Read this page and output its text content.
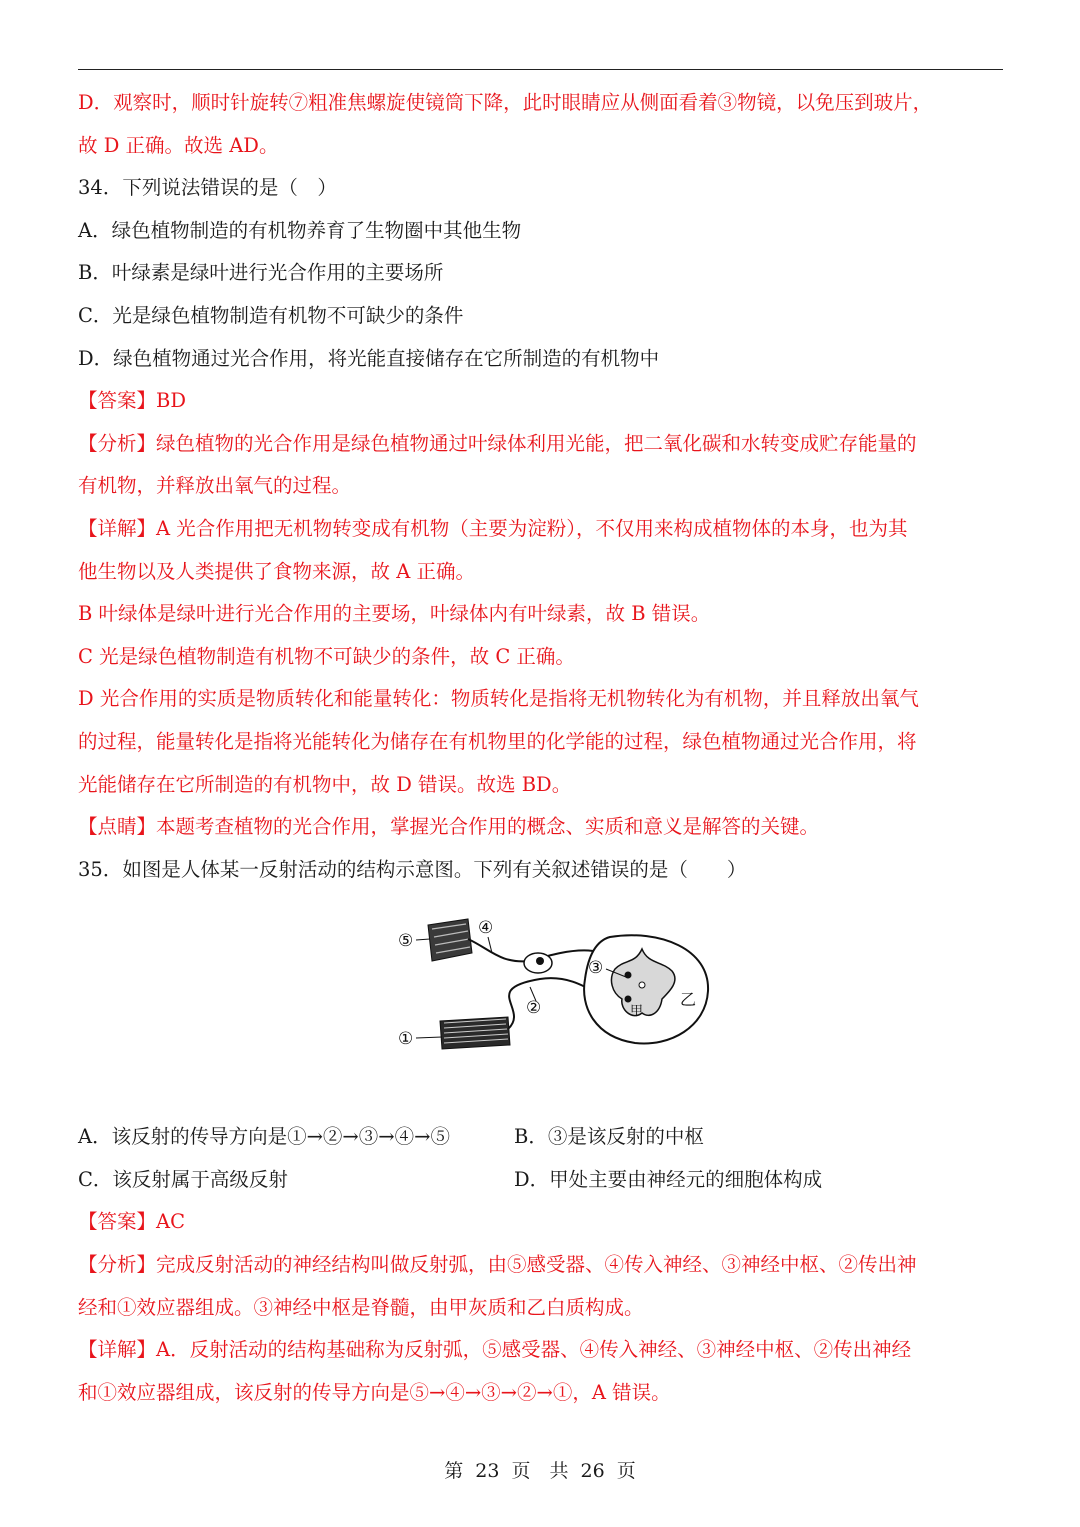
D．观察时，顺时针旋转⑦粗准焦螺旋使镜筒下降，此时眼睛应从侧面看着③物镜，以免压到玻片，
故 D 正确。故选 AD。
34．下列说法错误的是（　）
A．绿色植物制造的有机物养育了生物圈中其他生物
B．叶绿素是绿叶进行光合作用的主要场所
C．光是绿色植物制造有机物不可缺少的条件
D．绿色植物通过光合作用，将光能直接储存在它所制造的有机物中
【答案】BD
【分析】绿色植物的光合作用是绿色植物通过叶绿体利用光能，把二氧化碳和水转变成贮存能量的
有机物，并释放出氧气的过程。
【详解】A 光合作用把无机物转变成有机物（主要为淀粉），不仅用来构成植物体的本身，也为其
他生物以及人类提供了食物来源，故 A 正确。
B 叶绿体是绿叶进行光合作用的主要场，叶绿体内有叶绿素，故 B 错误。
C 光是绿色植物制造有机物不可缺少的条件，故 C 正确。
D 光合作用的实质是物质转化和能量转化：物质转化是指将无机物转化为有机物，并且释放出氧气
的过程，能量转化是指将光能转化为储存在有机物里的化学能的过程，绿色植物通过光合作用，将
光能储存在它所制造的有机物中，故 D 错误。故选 BD。
【点睛】本题考查植物的光合作用，掌握光合作用的概念、实质和意义是解答的关键。
35．如图是人体某一反射活动的结构示意图。下列有关叙述错误的是（　　）
⑤
④
③
②
①
甲
乙
A．该反射的传导方向是①→②→③→④→⑤	B．③是该反射的中枢
C．该反射属于高级反射	D．甲处主要由神经元的细胞体构成
【答案】AC
【分析】完成反射活动的神经结构叫做反射弧，由⑤感受器、④传入神经、③神经中枢、②传出神
经和①效应器组成。③神经中枢是脊髓，由甲灰质和乙白质构成。
【详解】A．反射活动的结构基础称为反射弧，⑤感受器、④传入神经、③神经中枢、②传出神经
和①效应器组成，该反射的传导方向是⑤→④→③→②→①，A 错误。
第 23 页　共 26 页
